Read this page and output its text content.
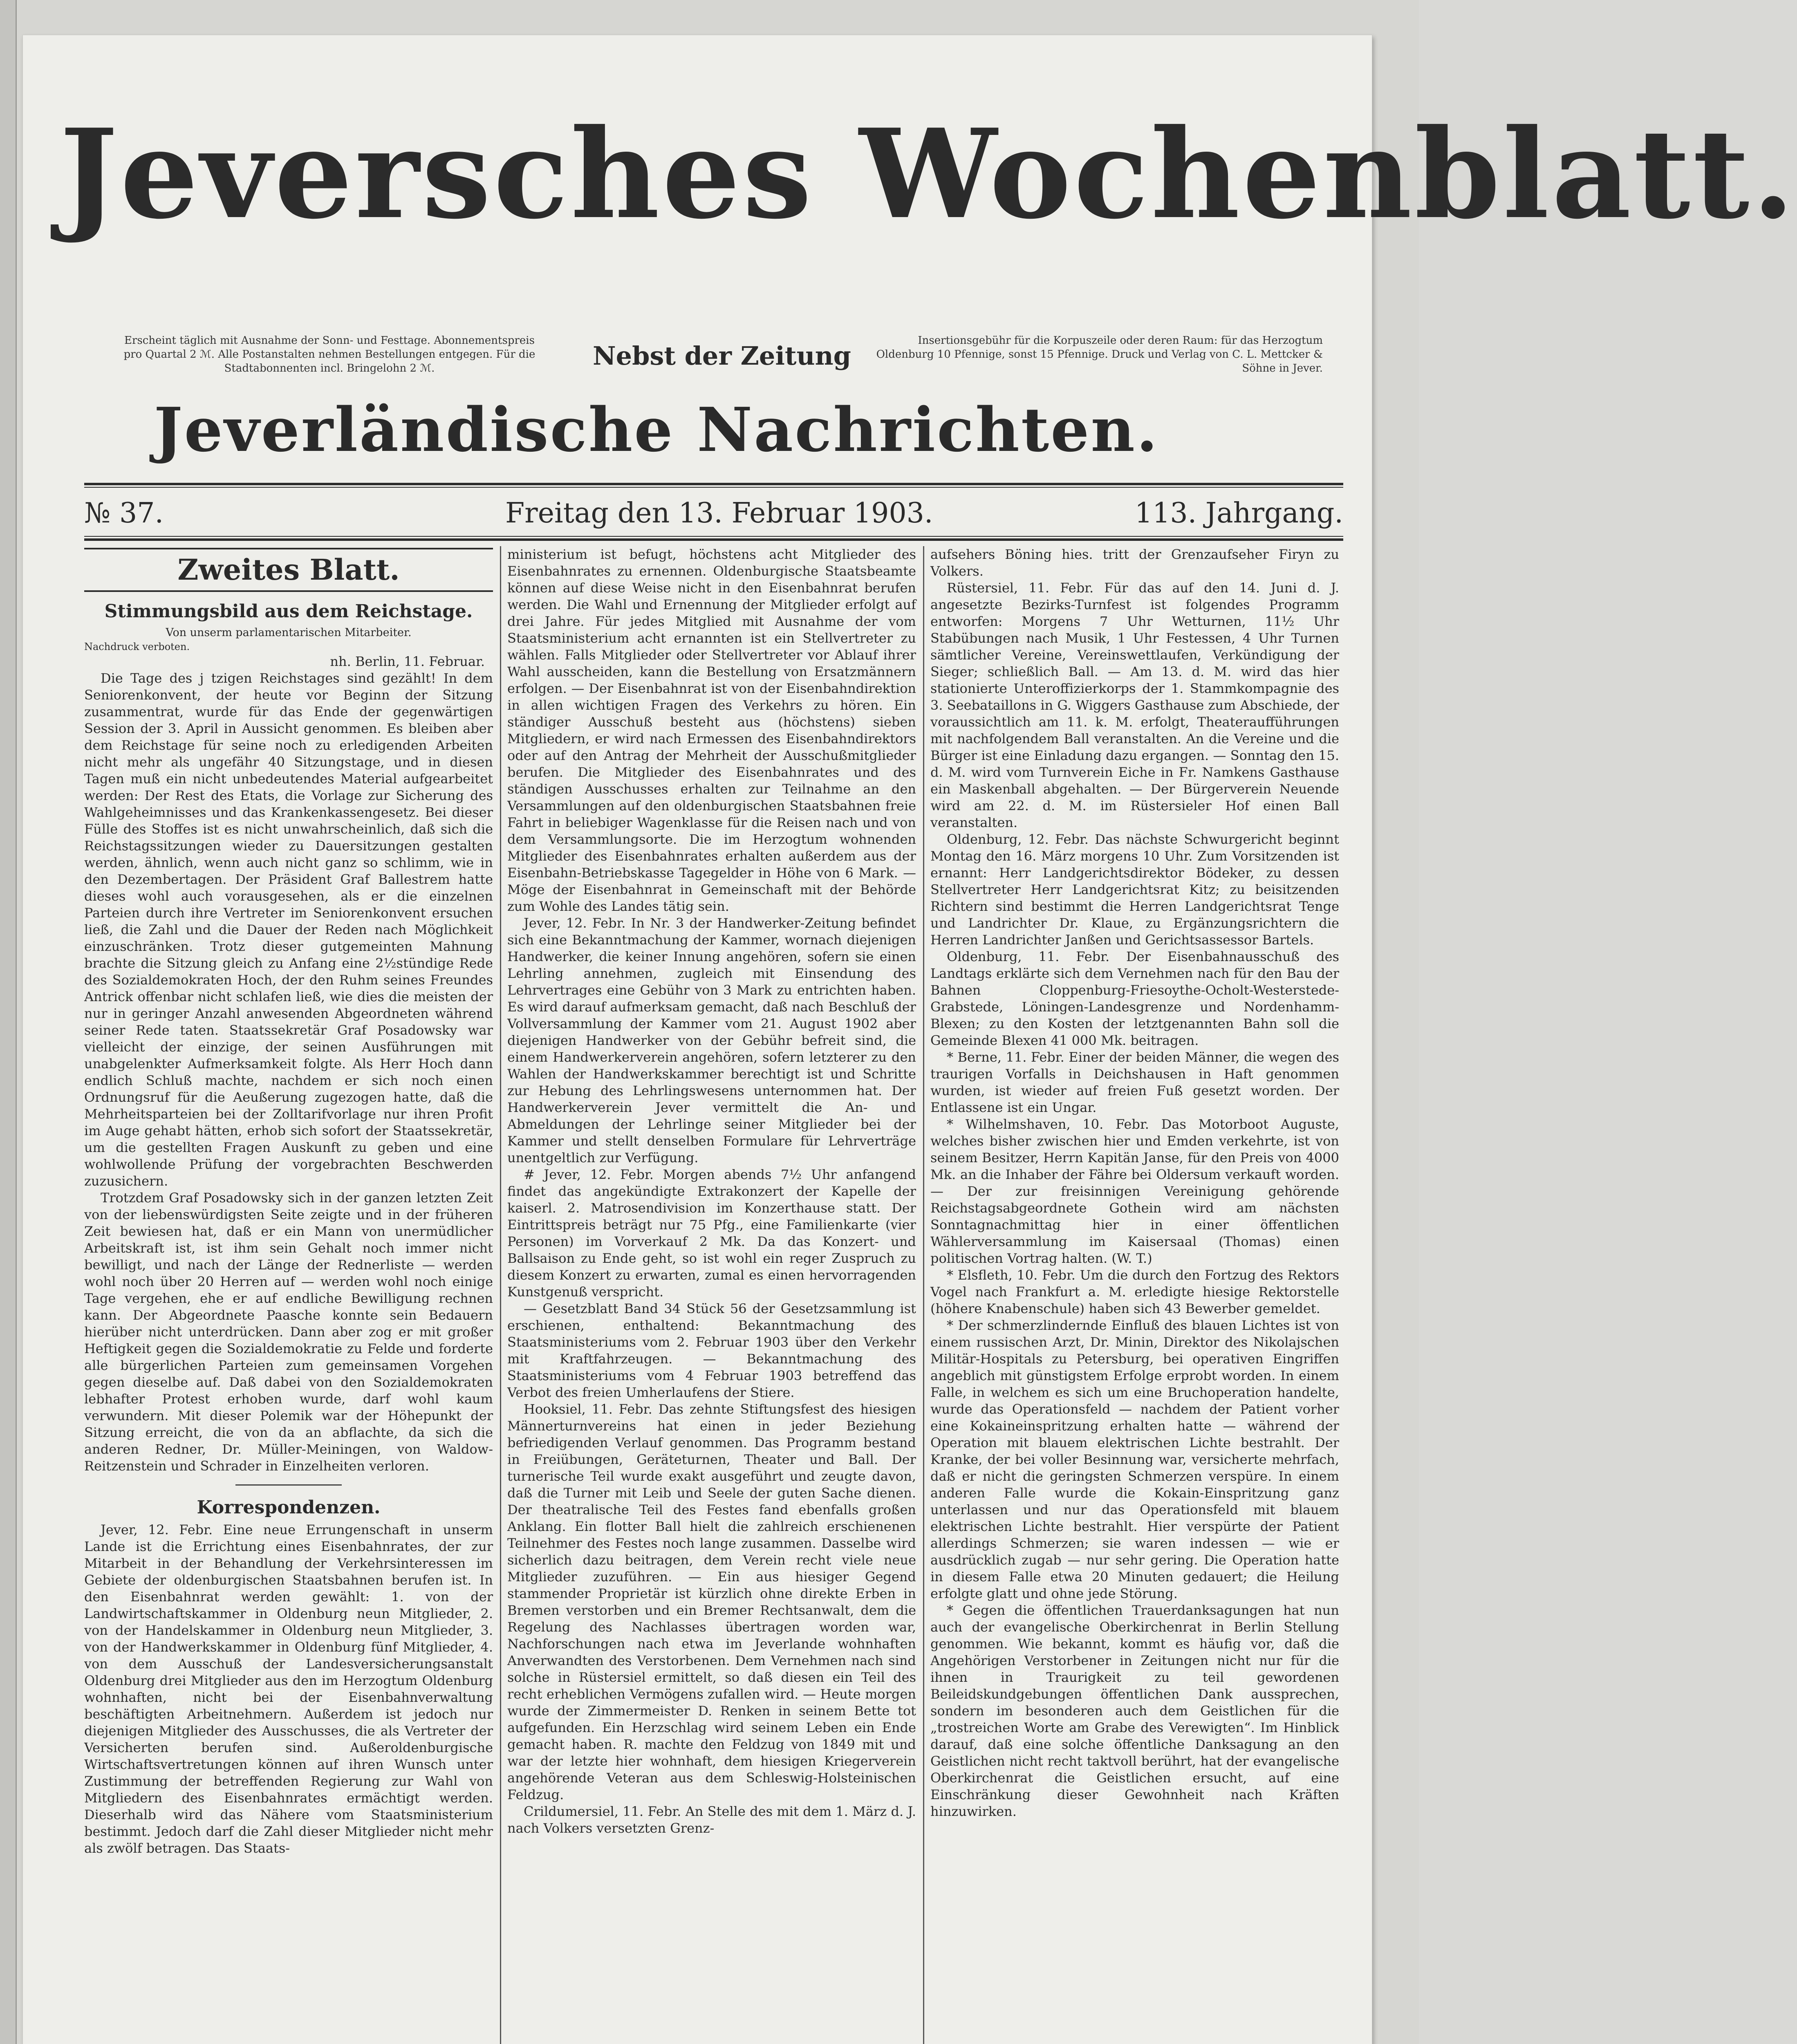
Jeversches Wochenblatt.
Erscheint täglich mit Ausnahme der Sonn- und Festtage. Abonnementspreis pro Quartal 2 ℳ. Alle Postanstalten nehmen Bestellungen entgegen. Für die Stadtabonnenten incl. Bringelohn 2 ℳ.	Nebst der Zeitung
Insertionsgebühr für die Korpuszeile oder deren Raum: für das Herzogtum Oldenburg 10 Pfennige, sonst 15 Pfennige. Druck und Verlag von C. L. Mettcker & Söhne in Jever.
Jeverländische Nachrichten.
№ 37.	Freitag den 13. Februar 1903.	113. Jahrgang.
Zweites Blatt.
Stimmungsbild aus dem Reichstage.
Von unserm parlamentarischen Mitarbeiter.
Nachdruck verboten.
nh. Berlin, 11. Februar.

Die Tage des j tzigen Reichstages sind gezählt! In dem Seniorenkonvent, der heute vor Beginn der Sitzung zusammentrat, wurde für das Ende der gegenwärtigen Session der 3. April in Aussicht genommen. Es bleiben aber dem Reichstage für seine noch zu erledigenden Arbeiten nicht mehr als ungefähr 40 Sitzungstage, und in diesen Tagen muß ein nicht unbedeutendes Material aufgearbeitet werden: Der Rest des Etats, die Vorlage zur Sicherung des Wahlgeheimnisses und das Krankenkassengesetz. Bei dieser Fülle des Stoffes ist es nicht unwahrscheinlich, daß sich die Reichstagssitzungen wieder zu Dauersitzungen gestalten werden, ähnlich, wenn auch nicht ganz so schlimm, wie in den Dezembertagen. Der Präsident Graf Ballestrem hatte dieses wohl auch vorausgesehen, als er die einzelnen Parteien durch ihre Vertreter im Seniorenkonvent ersuchen ließ, die Zahl und die Dauer der Reden nach Möglichkeit einzuschränken. Trotz dieser gutgemeinten Mahnung brachte die Sitzung gleich zu Anfang eine 2½stündige Rede des Sozialdemokraten Hoch, der den Ruhm seines Freundes Antrick offenbar nicht schlafen ließ, wie dies die meisten der nur in geringer Anzahl anwesenden Abgeordneten während seiner Rede taten. Staatssekretär Graf Posadowsky war vielleicht der einzige, der seinen Ausführungen mit unabgelenkter Aufmerksamkeit folgte. Als Herr Hoch dann endlich Schluß machte, nachdem er sich noch einen Ordnungsruf für die Aeußerung zugezogen hatte, daß die Mehrheitsparteien bei der Zolltarifvorlage nur ihren Profit im Auge gehabt hätten, erhob sich sofort der Staatssekretär, um die gestellten Fragen Auskunft zu geben und eine wohlwollende Prüfung der vorgebrachten Beschwerden zuzusichern.

Trotzdem Graf Posadowsky sich in der ganzen letzten Zeit von der liebenswürdigsten Seite zeigte und in der früheren Zeit bewiesen hat, daß er ein Mann von unermüdlicher Arbeitskraft ist, ist ihm sein Gehalt noch immer nicht bewilligt, und nach der Länge der Rednerliste — werden wohl noch über 20 Herren auf — werden wohl noch einige Tage vergehen, ehe er auf endliche Bewilligung rechnen kann. Der Abgeordnete Paasche konnte sein Bedauern hierüber nicht unterdrücken. Dann aber zog er mit großer Heftigkeit gegen die Sozialdemokratie zu Felde und forderte alle bürgerlichen Parteien zum gemeinsamen Vorgehen gegen dieselbe auf. Daß dabei von den Sozialdemokraten lebhafter Protest erhoben wurde, darf wohl kaum verwundern. Mit dieser Polemik war der Höhepunkt der Sitzung erreicht, die von da an abflachte, da sich die anderen Redner, Dr. Müller-Meiningen, von Waldow-Reitzenstein und Schrader in Einzelheiten verloren.

Korrespondenzen.

Jever, 12. Febr. Eine neue Errungenschaft in unserm Lande ist die Errichtung eines Eisenbahnrates, der zur Mitarbeit in der Behandlung der Verkehrsinteressen im Gebiete der oldenburgischen Staatsbahnen berufen ist. In den Eisenbahnrat werden gewählt: 1. von der Landwirtschaftskammer in Oldenburg neun Mitglieder, 2. von der Handelskammer in Oldenburg neun Mitglieder, 3. von der Handwerkskammer in Oldenburg fünf Mitglieder, 4. von dem Ausschuß der Landesversicherungsanstalt Oldenburg drei Mitglieder aus den im Herzogtum Oldenburg wohnhaften, nicht bei der Eisenbahnverwaltung beschäftigten Arbeitnehmern. Außerdem ist jedoch nur diejenigen Mitglieder des Ausschusses, die als Vertreter der Versicherten berufen sind. Außeroldenburgische Wirtschaftsvertretungen können auf ihren Wunsch unter Zustimmung der betreffenden Regierung zur Wahl von Mitgliedern des Eisenbahnrates ermächtigt werden. Dieserhalb wird das Nähere vom Staatsministerium bestimmt. Jedoch darf die Zahl dieser Mitglieder nicht mehr als zwölf betragen. Das Staats-

ministerium ist befugt, höchstens acht Mitglieder des Eisenbahnrates zu ernennen. Oldenburgische Staatsbeamte können auf diese Weise nicht in den Eisenbahnrat berufen werden. Die Wahl und Ernennung der Mitglieder erfolgt auf drei Jahre. Für jedes Mitglied mit Ausnahme der vom Staatsministerium acht ernannten ist ein Stellvertreter zu wählen. Falls Mitglieder oder Stellvertreter vor Ablauf ihrer Wahl ausscheiden, kann die Bestellung von Ersatzmännern erfolgen. — Der Eisenbahnrat ist von der Eisenbahndirektion in allen wichtigen Fragen des Verkehrs zu hören. Ein ständiger Ausschuß besteht aus (höchstens) sieben Mitgliedern, er wird nach Ermessen des Eisenbahndirektors oder auf den Antrag der Mehrheit der Ausschußmitglieder berufen. Die Mitglieder des Eisenbahnrates und des ständigen Ausschusses erhalten zur Teilnahme an den Versammlungen auf den oldenburgischen Staatsbahnen freie Fahrt in beliebiger Wagenklasse für die Reisen nach und von dem Versammlungsorte. Die im Herzogtum wohnenden Mitglieder des Eisenbahnrates erhalten außerdem aus der Eisenbahn-Betriebskasse Tagegelder in Höhe von 6 Mark. — Möge der Eisenbahnrat in Gemeinschaft mit der Behörde zum Wohle des Landes tätig sein.

Jever, 12. Febr. In Nr. 3 der Handwerker-Zeitung befindet sich eine Bekanntmachung der Kammer, wornach diejenigen Handwerker, die keiner Innung angehören, sofern sie einen Lehrling annehmen, zugleich mit Einsendung des Lehrvertrages eine Gebühr von 3 Mark zu entrichten haben. Es wird darauf aufmerksam gemacht, daß nach Beschluß der Vollversammlung der Kammer vom 21. August 1902 aber diejenigen Handwerker von der Gebühr befreit sind, die einem Handwerkerverein angehören, sofern letzterer zu den Wahlen der Handwerkskammer berechtigt ist und Schritte zur Hebung des Lehrlingswesens unternommen hat. Der Handwerkerverein Jever vermittelt die An- und Abmeldungen der Lehrlinge seiner Mitglieder bei der Kammer und stellt denselben Formulare für Lehrverträge unentgeltlich zur Verfügung.

# Jever, 12. Febr. Morgen abends 7½ Uhr anfangend findet das angekündigte Extrakonzert der Kapelle der kaiserl. 2. Matrosendivision im Konzerthause statt. Der Eintrittspreis beträgt nur 75 Pfg., eine Familienkarte (vier Personen) im Vorverkauf 2 Mk. Da das Konzert- und Ballsaison zu Ende geht, so ist wohl ein reger Zuspruch zu diesem Konzert zu erwarten, zumal es einen hervorragenden Kunstgenuß verspricht.

— Gesetzblatt Band 34 Stück 56 der Gesetzsammlung ist erschienen, enthaltend: Bekanntmachung des Staatsministeriums vom 2. Februar 1903 über den Verkehr mit Kraftfahrzeugen. — Bekanntmachung des Staatsministeriums vom 4 Februar 1903 betreffend das Verbot des freien Umherlaufens der Stiere.

Hooksiel, 11. Febr. Das zehnte Stiftungsfest des hiesigen Männerturnvereins hat einen in jeder Beziehung befriedigenden Verlauf genommen. Das Programm bestand in Freiübungen, Geräteturnen, Theater und Ball. Der turnerische Teil wurde exakt ausgeführt und zeugte davon, daß die Turner mit Leib und Seele der guten Sache dienen. Der theatralische Teil des Festes fand ebenfalls großen Anklang. Ein flotter Ball hielt die zahlreich erschienenen Teilnehmer des Festes noch lange zusammen. Dasselbe wird sicherlich dazu beitragen, dem Verein recht viele neue Mitglieder zuzuführen. — Ein aus hiesiger Gegend stammender Proprietär ist kürzlich ohne direkte Erben in Bremen verstorben und ein Bremer Rechtsanwalt, dem die Regelung des Nachlasses übertragen worden war, Nachforschungen nach etwa im Jeverlande wohnhaften Anverwandten des Verstorbenen. Dem Vernehmen nach sind solche in Rüstersiel ermittelt, so daß diesen ein Teil des recht erheblichen Vermögens zufallen wird. — Heute morgen wurde der Zimmermeister D. Renken in seinem Bette tot aufgefunden. Ein Herzschlag wird seinem Leben ein Ende gemacht haben. R. machte den Feldzug von 1849 mit und war der letzte hier wohnhaft, dem hiesigen Kriegerverein angehörende Veteran aus dem Schleswig-Holsteinischen Feldzug.

Crildumersiel, 11. Febr. An Stelle des mit dem 1. März d. J. nach Volkers versetzten Grenz-

aufsehers Böning hies. tritt der Grenzaufseher Firyn zu Volkers.

Rüstersiel, 11. Febr. Für das auf den 14. Juni d. J. angesetzte Bezirks-Turnfest ist folgendes Programm entworfen: Morgens 7 Uhr Wetturnen, 11½ Uhr Stabübungen nach Musik, 1 Uhr Festessen, 4 Uhr Turnen sämtlicher Vereine, Vereinswettlaufen, Verkündigung der Sieger; schließlich Ball. — Am 13. d. M. wird das hier stationierte Unteroffizierkorps der 1. Stammkompagnie des 3. Seebataillons in G. Wiggers Gasthause zum Abschiede, der voraussichtlich am 11. k. M. erfolgt, Theateraufführungen mit nachfolgendem Ball veranstalten. An die Vereine und die Bürger ist eine Einladung dazu ergangen. — Sonntag den 15. d. M. wird vom Turnverein Eiche in Fr. Namkens Gasthause ein Maskenball abgehalten. — Der Bürgerverein Neuende wird am 22. d. M. im Rüstersieler Hof einen Ball veranstalten.

Oldenburg, 12. Febr. Das nächste Schwurgericht beginnt Montag den 16. März morgens 10 Uhr. Zum Vorsitzenden ist ernannt: Herr Landgerichtsdirektor Bödeker, zu dessen Stellvertreter Herr Landgerichtsrat Kitz; zu beisitzenden Richtern sind bestimmt die Herren Landgerichtsrat Tenge und Landrichter Dr. Klaue, zu Ergänzungsrichtern die Herren Landrichter Janßen und Gerichtsassessor Bartels.

Oldenburg, 11. Febr. Der Eisenbahnausschuß des Landtags erklärte sich dem Vernehmen nach für den Bau der Bahnen Cloppenburg-Friesoythe-Ocholt-Westerstede-Grabstede, Löningen-Landesgrenze und Nordenhamm-Blexen; zu den Kosten der letztgenannten Bahn soll die Gemeinde Blexen 41 000 Mk. beitragen.

* Berne, 11. Febr. Einer der beiden Männer, die wegen des traurigen Vorfalls in Deichshausen in Haft genommen wurden, ist wieder auf freien Fuß gesetzt worden. Der Entlassene ist ein Ungar.

* Wilhelmshaven, 10. Febr. Das Motorboot Auguste, welches bisher zwischen hier und Emden verkehrte, ist von seinem Besitzer, Herrn Kapitän Janse, für den Preis von 4000 Mk. an die Inhaber der Fähre bei Oldersum verkauft worden. — Der zur freisinnigen Vereinigung gehörende Reichstagsabgeordnete Gothein wird am nächsten Sonntagnachmittag hier in einer öffentlichen Wählerversammlung im Kaisersaal (Thomas) einen politischen Vortrag halten. (W. T.)

* Elsfleth, 10. Febr. Um die durch den Fortzug des Rektors Vogel nach Frankfurt a. M. erledigte hiesige Rektorstelle (höhere Knabenschule) haben sich 43 Bewerber gemeldet.

* Der schmerzlindernde Einfluß des blauen Lichtes ist von einem russischen Arzt, Dr. Minin, Direktor des Nikolajschen Militär-Hospitals zu Petersburg, bei operativen Eingriffen angeblich mit günstigstem Erfolge erprobt worden. In einem Falle, in welchem es sich um eine Bruchoperation handelte, wurde das Operationsfeld — nachdem der Patient vorher eine Kokaineinspritzung erhalten hatte — während der Operation mit blauem elektrischen Lichte bestrahlt. Der Kranke, der bei voller Besinnung war, versicherte mehrfach, daß er nicht die geringsten Schmerzen verspüre. In einem anderen Falle wurde die Kokain-Einspritzung ganz unterlassen und nur das Operationsfeld mit blauem elektrischen Lichte bestrahlt. Hier verspürte der Patient allerdings Schmerzen; sie waren indessen — wie er ausdrücklich zugab — nur sehr gering. Die Operation hatte in diesem Falle etwa 20 Minuten gedauert; die Heilung erfolgte glatt und ohne jede Störung.

* Gegen die öffentlichen Trauerdanksagungen hat nun auch der evangelische Oberkirchenrat in Berlin Stellung genommen. Wie bekannt, kommt es häufig vor, daß die Angehörigen Verstorbener in Zeitungen nicht nur für die ihnen in Traurigkeit zu teil gewordenen Beileidskundgebungen öffentlichen Dank aussprechen, sondern im besonderen auch dem Geistlichen für die „trostreichen Worte am Grabe des Verewigten“. Im Hinblick darauf, daß eine solche öffentliche Danksagung an den Geistlichen nicht recht taktvoll berührt, hat der evangelische Oberkirchenrat die Geistlichen ersucht, auf eine Einschränkung dieser Gewohnheit nach Kräften hinzuwirken.
